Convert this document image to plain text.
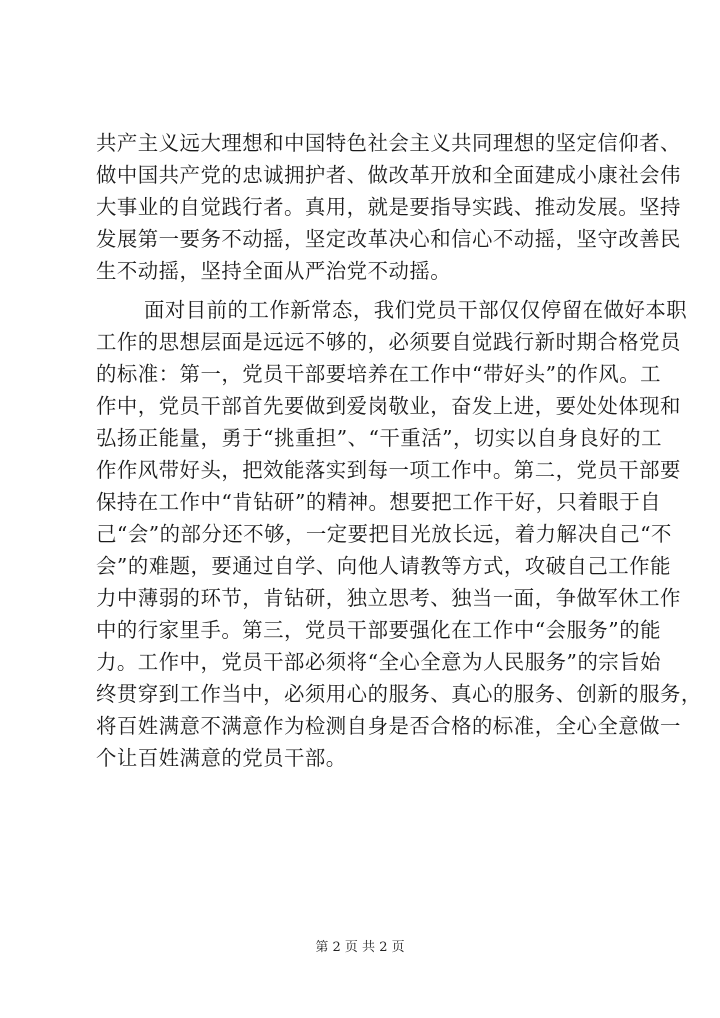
共产主义远大理想和中国特色社会主义共同理想的坚定信仰者、
做中国共产党的忠诚拥护者、做改革开放和全面建成小康社会伟
大事业的自觉践行者。真用，就是要指导实践、推动发展。坚持
发展第一要务不动摇，坚定改革决心和信心不动摇，坚守改善民
生不动摇，坚持全面从严治党不动摇。
面对目前的工作新常态，我们党员干部仅仅停留在做好本职
工作的思想层面是远远不够的，必须要自觉践行新时期合格党员
的标准：第一，党员干部要培养在工作中“带好头”的作风。工
作中，党员干部首先要做到爱岗敬业，奋发上进，要处处体现和
弘扬正能量，勇于“挑重担”、“干重活”，切实以自身良好的工
作作风带好头，把效能落实到每一项工作中。第二，党员干部要
保持在工作中“肯钻研”的精神。想要把工作干好，只着眼于自
己“会”的部分还不够，一定要把目光放长远，着力解决自己“不
会”的难题，要通过自学、向他人请教等方式，攻破自己工作能
力中薄弱的环节，肯钻研，独立思考、独当一面，争做军休工作
中的行家里手。第三，党员干部要强化在工作中“会服务”的能
力。工作中，党员干部必须将“全心全意为人民服务”的宗旨始
终贯穿到工作当中，必须用心的服务、真心的服务、创新的服务，
将百姓满意不满意作为检测自身是否合格的标准，全心全意做一
个让百姓满意的党员干部。
第 2 页 共 2 页
